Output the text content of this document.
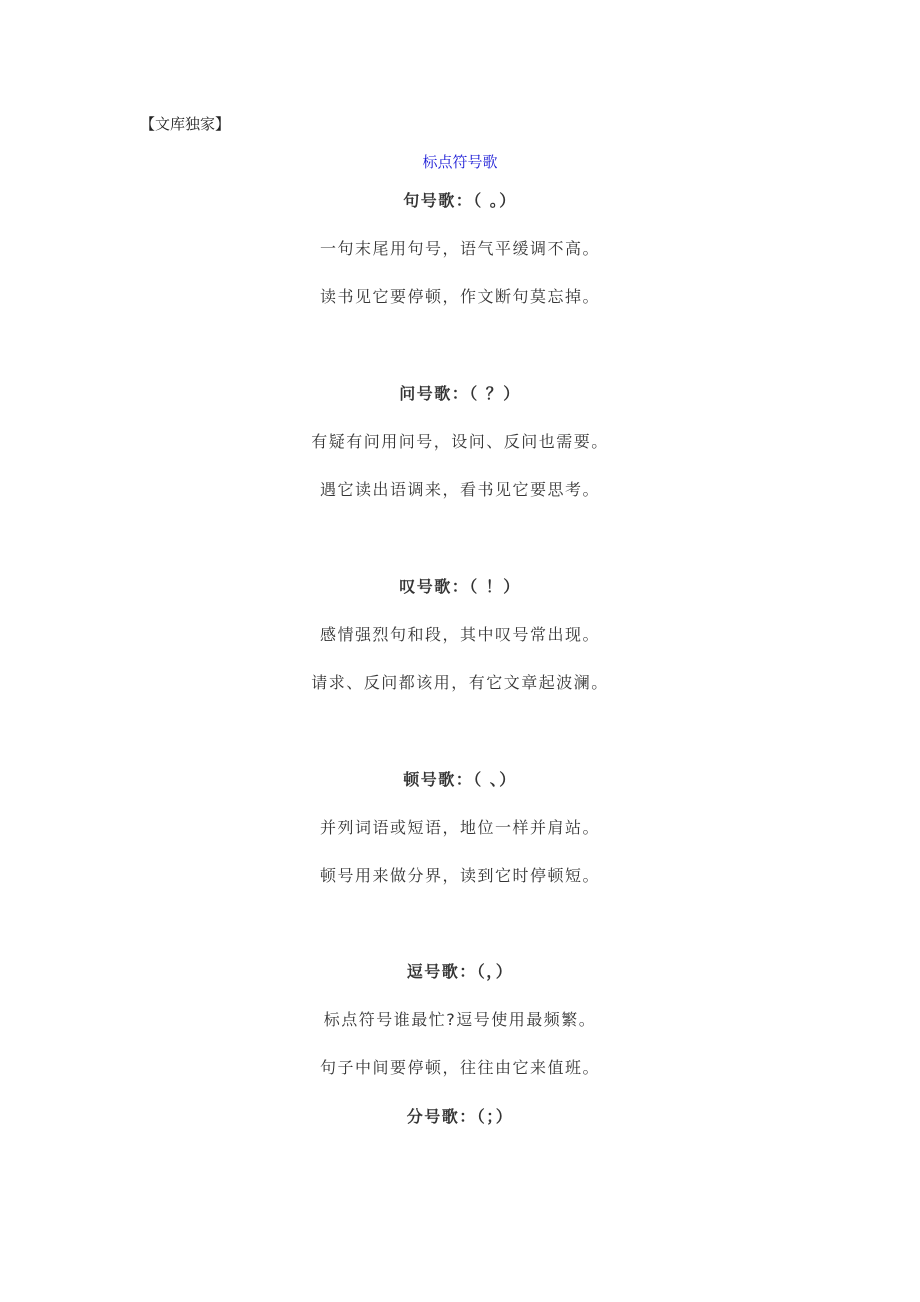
【文库独家】
标点符号歌
句号歌：（ 。）
一句末尾用句号，语气平缓调不高。
读书见它要停顿，作文断句莫忘掉。
问号歌：（ ？）
有疑有问用问号，设问、反问也需要。
遇它读出语调来，看书见它要思考。
叹号歌：（ ！）
感情强烈句和段，其中叹号常出现。
请求、反问都该用，有它文章起波澜。
顿号歌：（ 、）
并列词语或短语，地位一样并肩站。
顿号用来做分界，读到它时停顿短。
逗号歌：（，）
标点符号谁最忙?逗号使用最频繁。
句子中间要停顿，往往由它来值班。
分号歌：（；）
